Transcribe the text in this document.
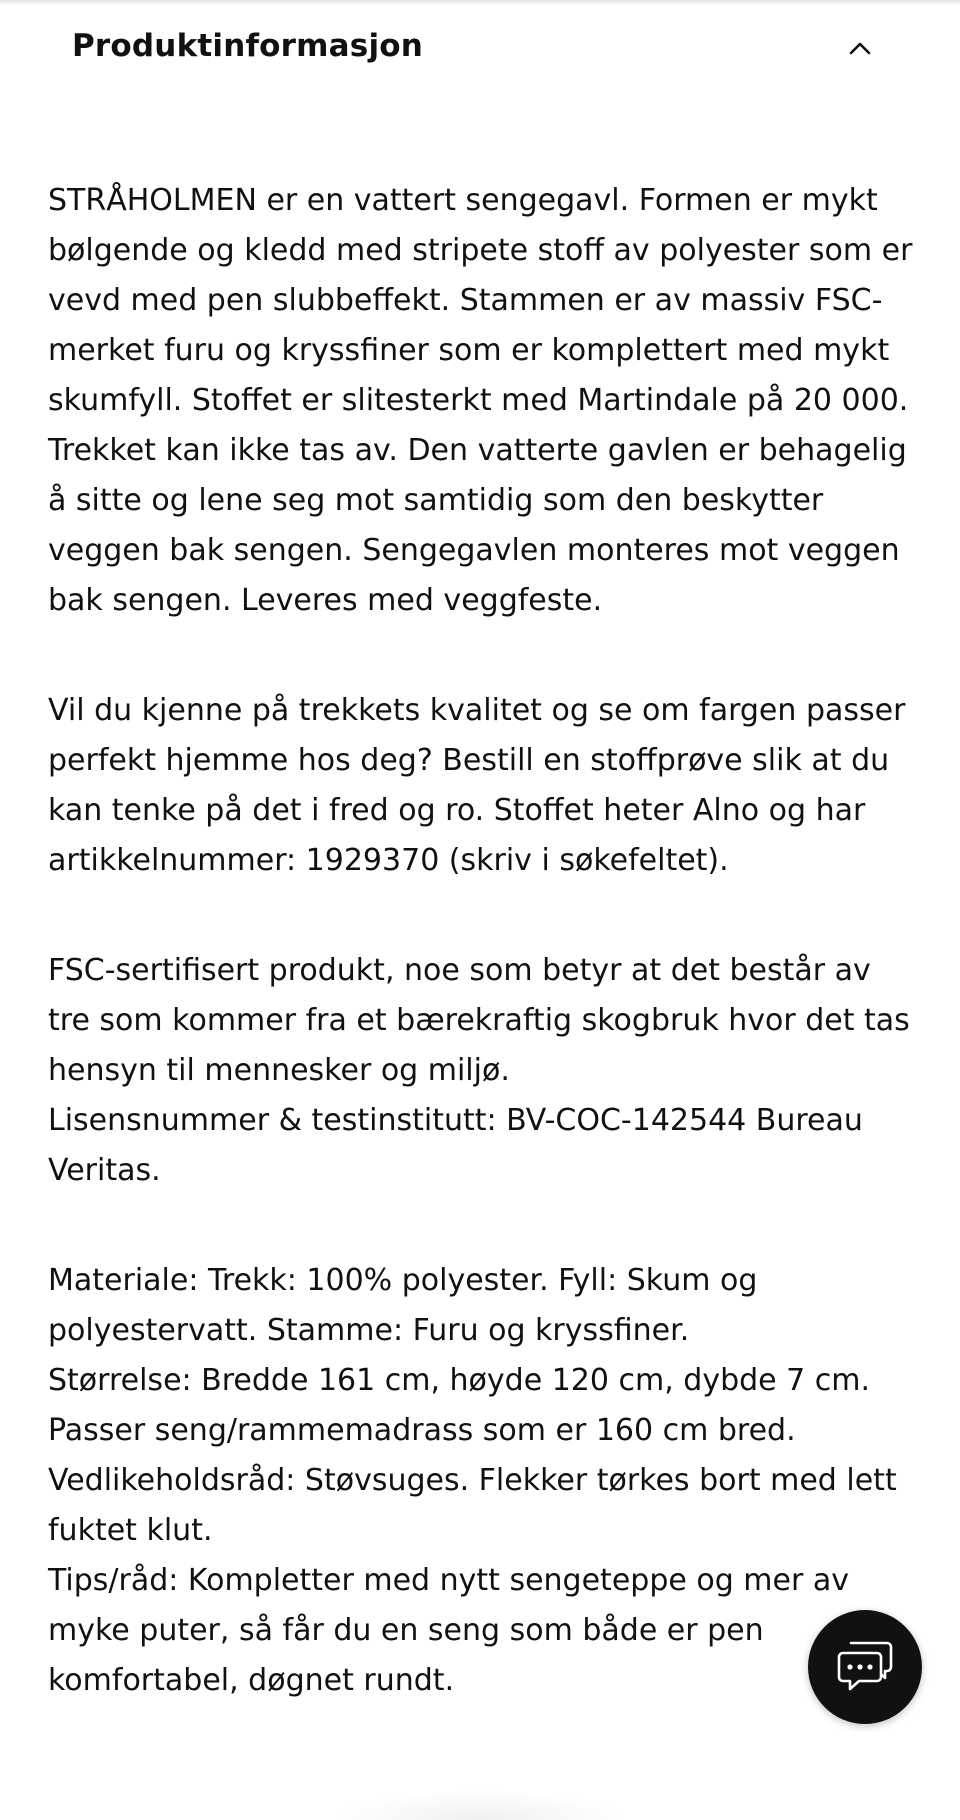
Produktinformasjon

STRÅHOLMEN er en vattert sengegavl. Formen er mykt bølgende og kledd med stripete stoff av polyester som er vevd med pen slubbeffekt. Stammen er av massiv FSC-merket furu og kryssfiner som er komplettert med mykt skumfyll. Stoffet er slitesterkt med Martindale på 20 000. Trekket kan ikke tas av. Den vatterte gavlen er behagelig å sitte og lene seg mot samtidig som den beskytter veggen bak sengen. Sengegavlen monteres mot veggen bak sengen. Leveres med veggfeste.

Vil du kjenne på trekkets kvalitet og se om fargen passer perfekt hjemme hos deg? Bestill en stoffprøve slik at du kan tenke på det i fred og ro. Stoffet heter Alno og har artikkelnummer: 1929370 (skriv i søkefeltet).

FSC-sertifisert produkt, noe som betyr at det består av tre som kommer fra et bærekraftig skogbruk hvor det tas hensyn til mennesker og miljø.
Lisensnummer & testinstitutt: BV-COC-142544 Bureau Veritas.

Materiale: Trekk: 100% polyester. Fyll: Skum og polyestervatt. Stamme: Furu og kryssfiner.
Størrelse: Bredde 161 cm, høyde 120 cm, dybde 7 cm. Passer seng/rammemadrass som er 160 cm bred.
Vedlikeholdsråd: Støvsuges. Flekker tørkes bort med lett fuktet klut.
Tips/råd: Kompletter med nytt sengeteppe og mer av myke puter, så får du en seng som både er pen komfortabel, døgnet rundt.
